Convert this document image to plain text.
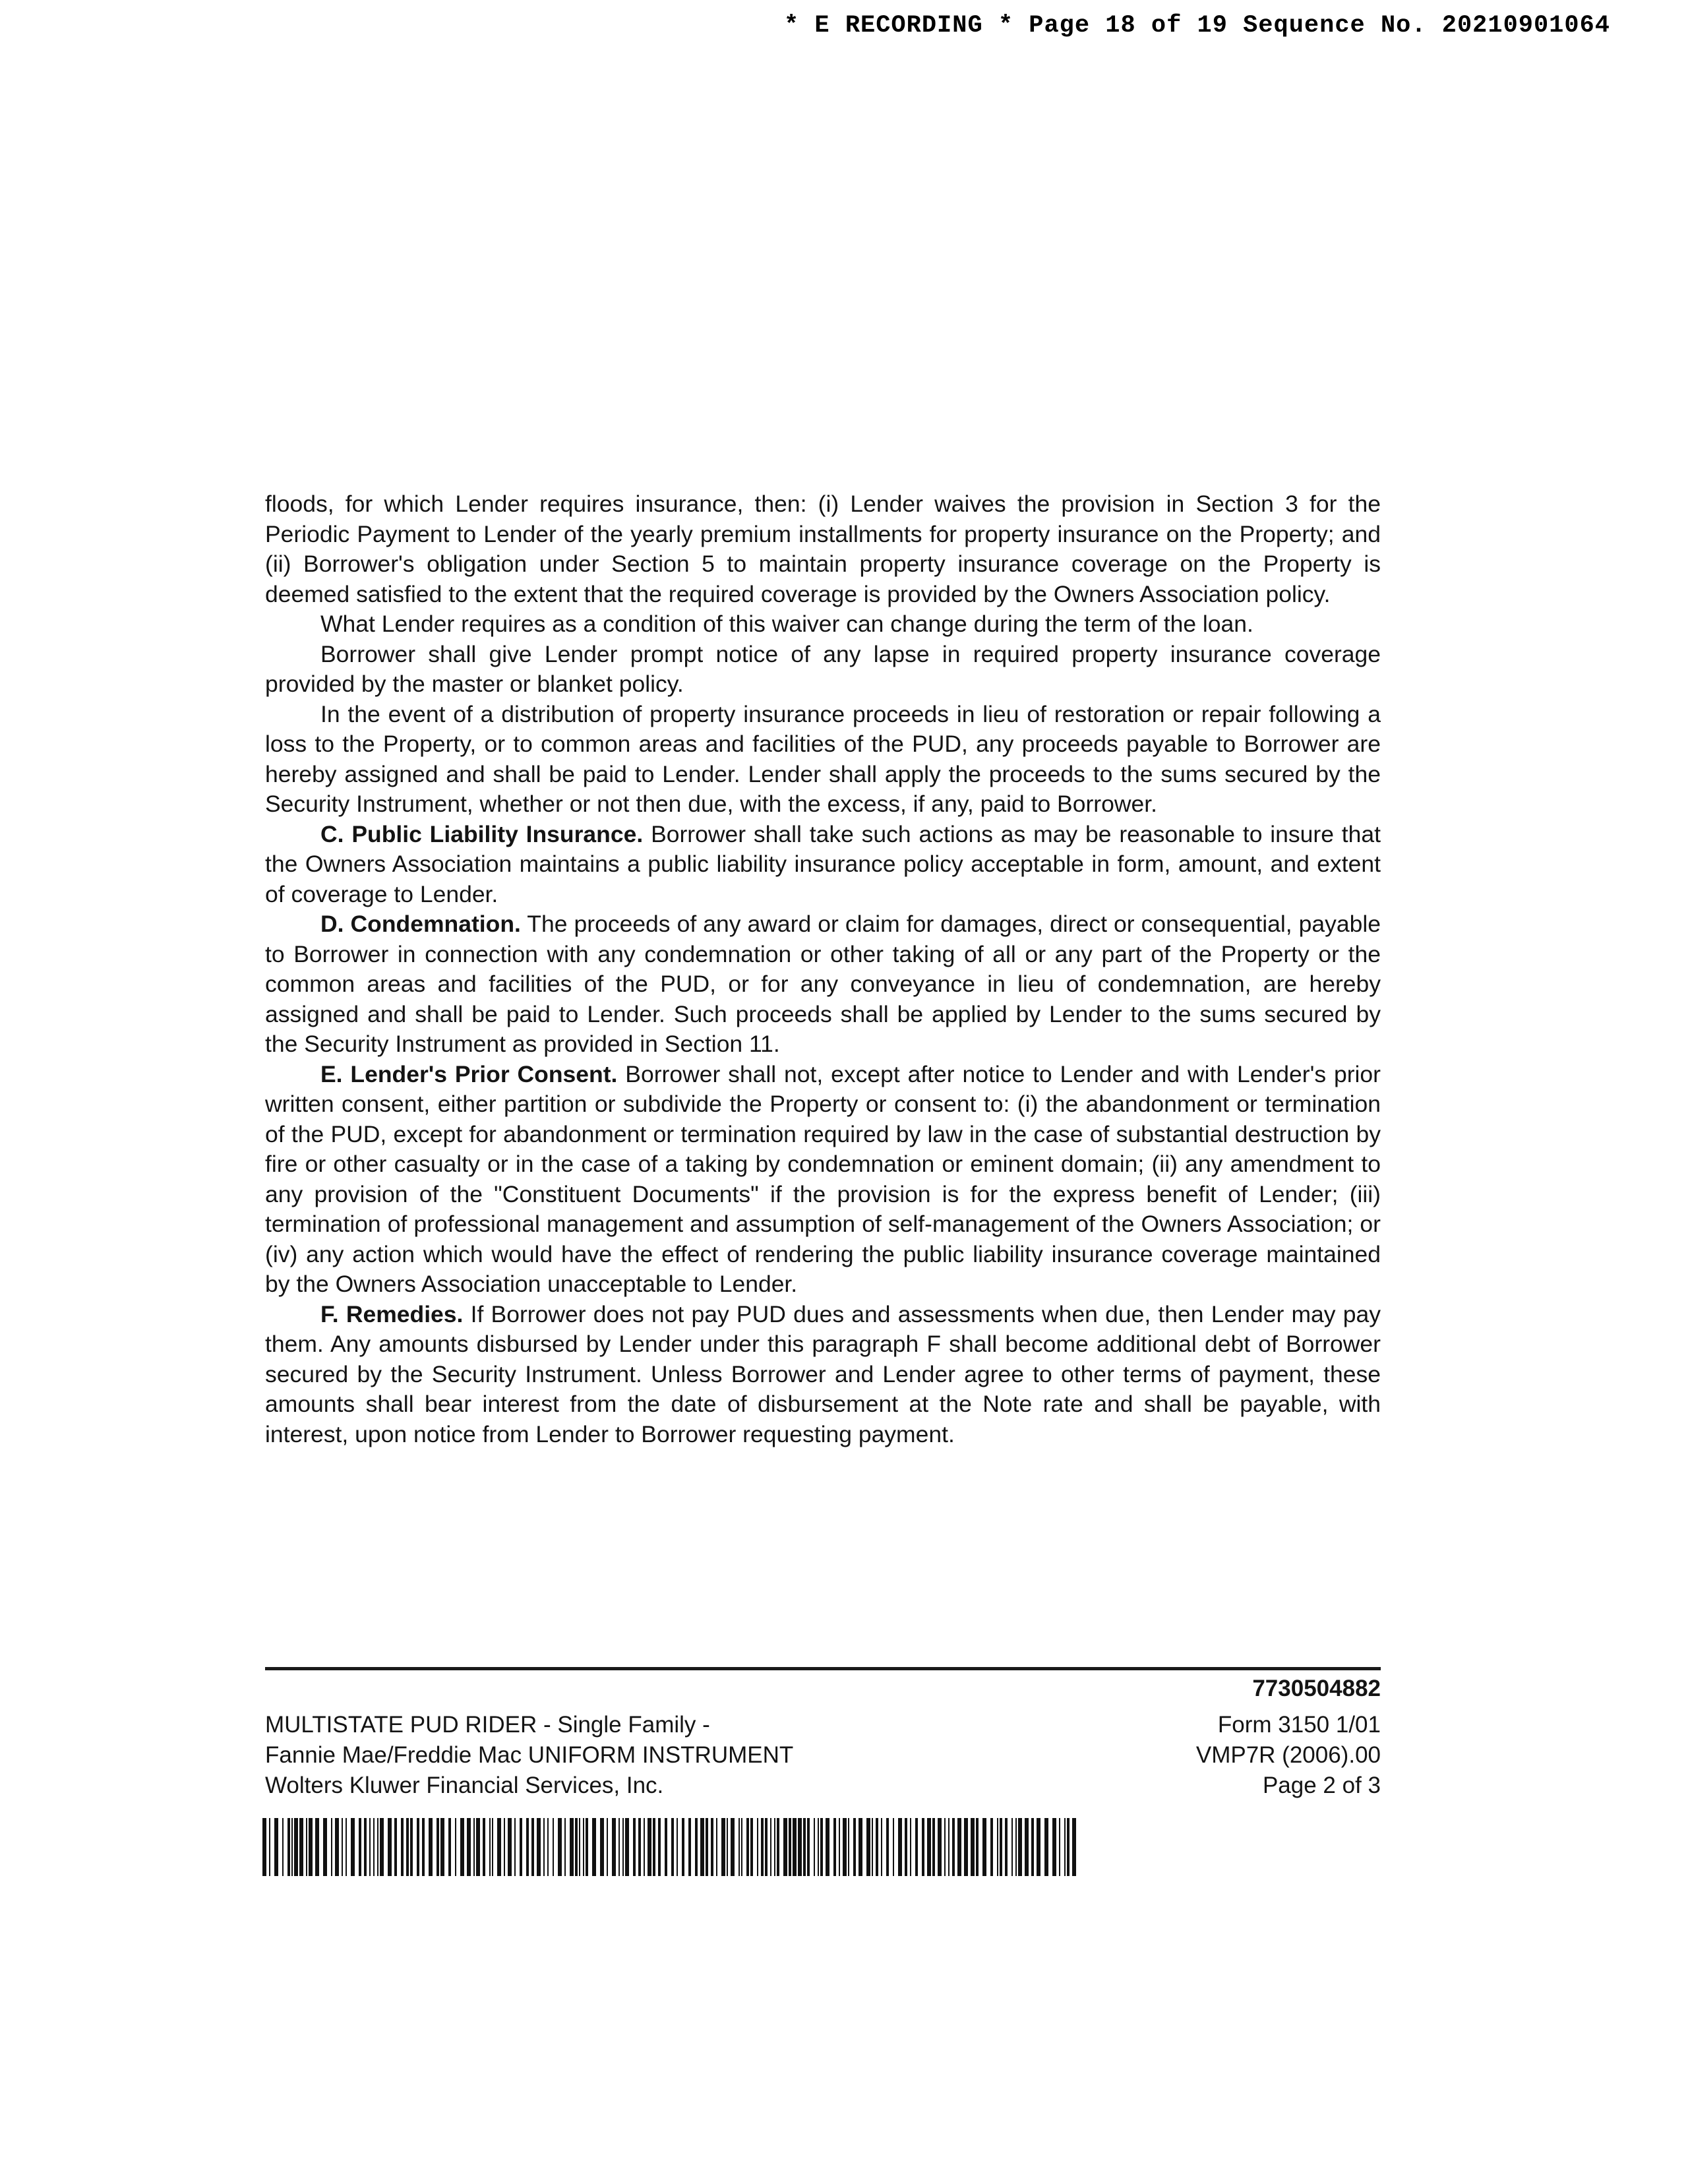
* E RECORDING * Page 18 of 19 Sequence No. 20210901064

floods, for which Lender requires insurance, then: (i) Lender waives the provision in Section 3 for the Periodic Payment to Lender of the yearly premium installments for property insurance on the Property; and (ii) Borrower's obligation under Section 5 to maintain property insurance coverage on the Property is deemed satisfied to the extent that the required coverage is provided by the Owners Association policy.

What Lender requires as a condition of this waiver can change during the term of the loan.

Borrower shall give Lender prompt notice of any lapse in required property insurance coverage provided by the master or blanket policy.

In the event of a distribution of property insurance proceeds in lieu of restoration or repair following a loss to the Property, or to common areas and facilities of the PUD, any proceeds payable to Borrower are hereby assigned and shall be paid to Lender. Lender shall apply the proceeds to the sums secured by the Security Instrument, whether or not then due, with the excess, if any, paid to Borrower.

C. Public Liability Insurance. Borrower shall take such actions as may be reasonable to insure that the Owners Association maintains a public liability insurance policy acceptable in form, amount, and extent of coverage to Lender.

D. Condemnation. The proceeds of any award or claim for damages, direct or consequential, payable to Borrower in connection with any condemnation or other taking of all or any part of the Property or the common areas and facilities of the PUD, or for any conveyance in lieu of condemnation, are hereby assigned and shall be paid to Lender. Such proceeds shall be applied by Lender to the sums secured by the Security Instrument as provided in Section 11.

E. Lender's Prior Consent. Borrower shall not, except after notice to Lender and with Lender's prior written consent, either partition or subdivide the Property or consent to: (i) the abandonment or termination of the PUD, except for abandonment or termination required by law in the case of substantial destruction by fire or other casualty or in the case of a taking by condemnation or eminent domain; (ii) any amendment to any provision of the "Constituent Documents" if the provision is for the express benefit of Lender; (iii) termination of professional management and assumption of self-management of the Owners Association; or (iv) any action which would have the effect of rendering the public liability insurance coverage maintained by the Owners Association unacceptable to Lender.

F. Remedies. If Borrower does not pay PUD dues and assessments when due, then Lender may pay them. Any amounts disbursed by Lender under this paragraph F shall become additional debt of Borrower secured by the Security Instrument. Unless Borrower and Lender agree to other terms of payment, these amounts shall bear interest from the date of disbursement at the Note rate and shall be payable, with interest, upon notice from Lender to Borrower requesting payment.

MULTISTATE PUD RIDER - Single Family -
Fannie Mae/Freddie Mac UNIFORM INSTRUMENT
Wolters Kluwer Financial Services, Inc.
7730504882
Form 3150 1/01
VMP7R (2006).00
Page 2 of 3
